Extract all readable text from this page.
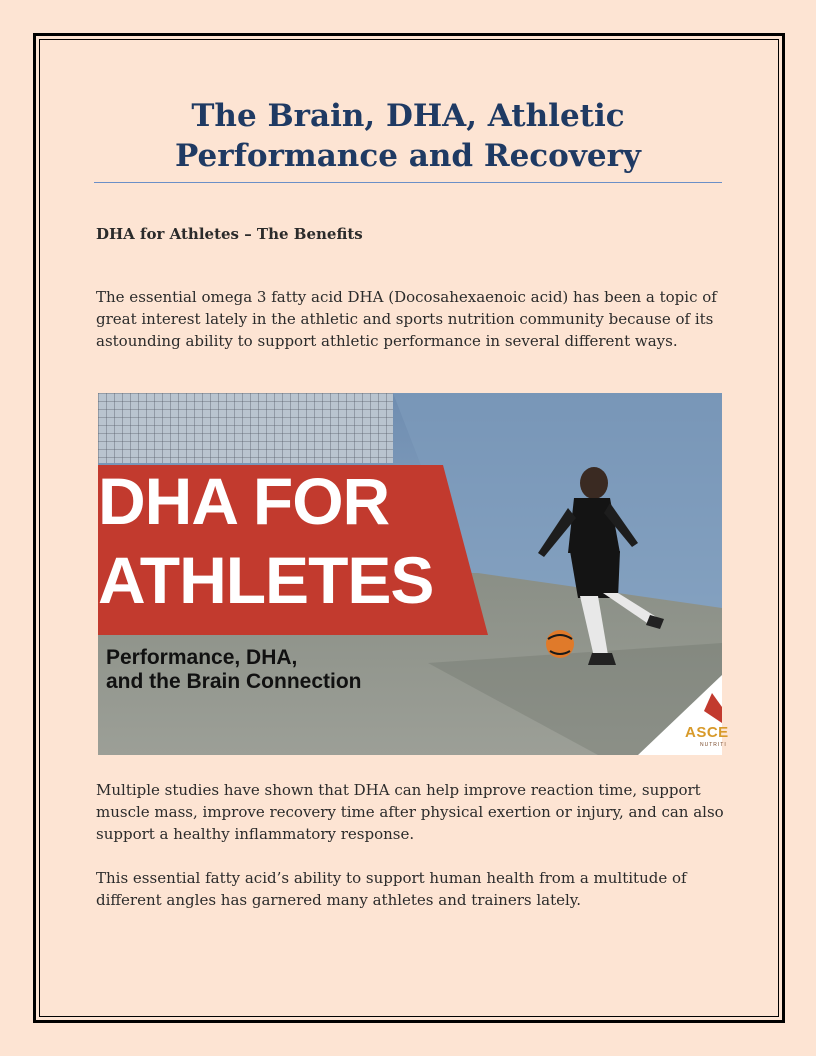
The Brain, DHA, Athletic Performance and Recovery

DHA for Athletes – The Benefits

The essential omega 3 fatty acid DHA (Docosahexaenoic acid) has been a topic of great interest lately in the athletic and sports nutrition community because of its astounding ability to support athletic performance in several different ways.

DHA FOR

ATHLETES

Performance, DHA,

and the Brain Connection

ASCE

NUTRITI

Multiple studies have shown that DHA can help improve reaction time, support muscle mass, improve recovery time after physical exertion or injury, and can also support a healthy inflammatory response.

This essential fatty acid’s ability to support human health from a multitude of different angles has garnered many athletes and trainers lately.
